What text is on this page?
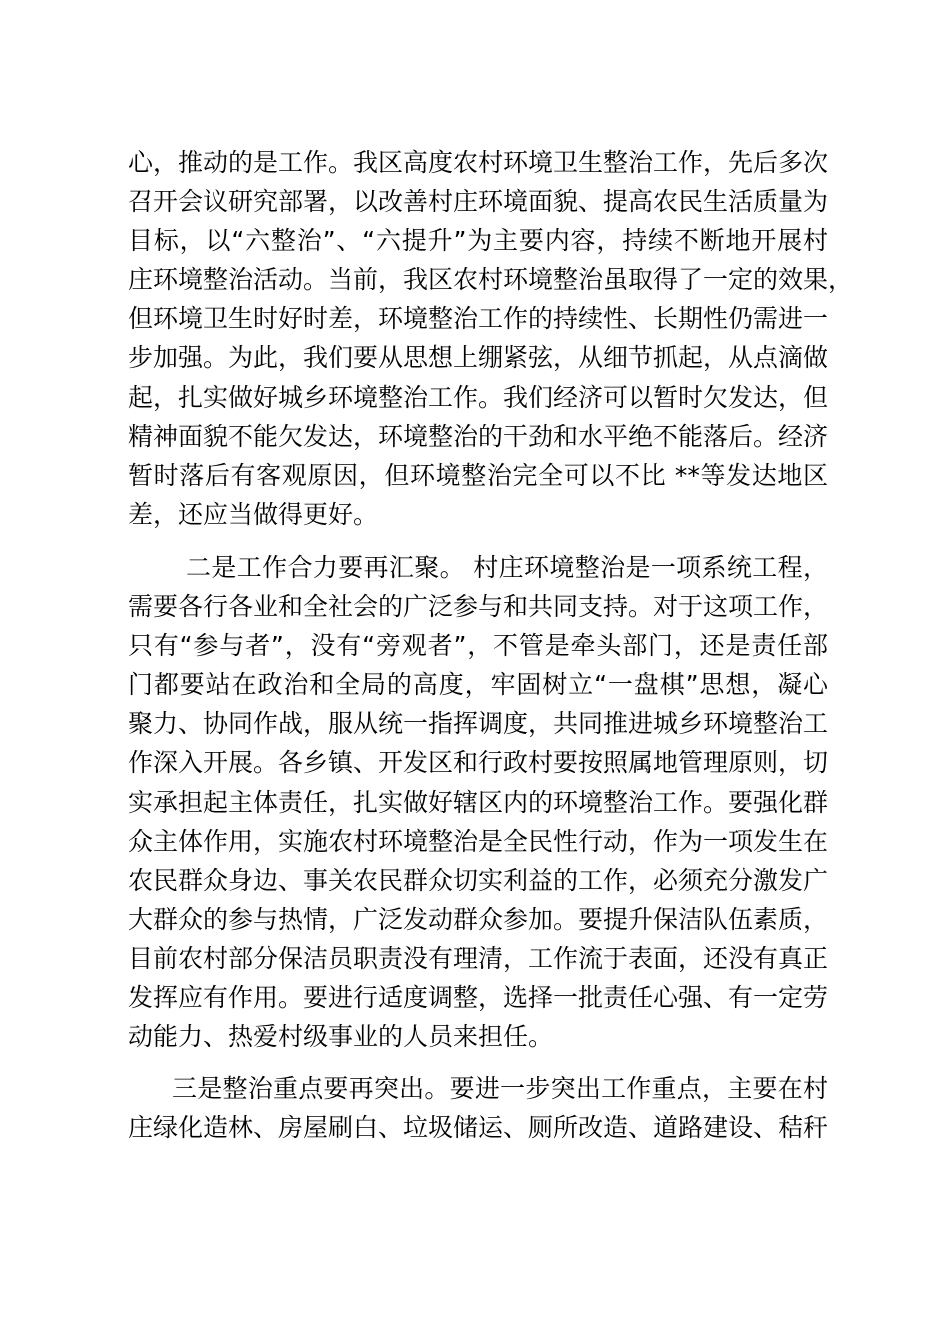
心，推动的是工作。我区高度农村环境卫生整治工作，先后多次
召开会议研究部署，以改善村庄环境面貌、提高农民生活质量为
目标，以“六整治”、“六提升”为主要内容，持续不断地开展村
庄环境整治活动。当前，我区农村环境整治虽取得了一定的效果，
但环境卫生时好时差，环境整治工作的持续性、长期性仍需进一
步加强。为此，我们要从思想上绷紧弦，从细节抓起，从点滴做
起，扎实做好城乡环境整治工作。我们经济可以暂时欠发达，但
精神面貌不能欠发达，环境整治的干劲和水平绝不能落后。经济
暂时落后有客观原因，但环境整治完全可以不比 **等发达地区
差，还应当做得更好。
二是工作合力要再汇聚。 村庄环境整治是一项系统工程，
需要各行各业和全社会的广泛参与和共同支持。对于这项工作，
只有“参与者”，没有“旁观者”，不管是牵头部门，还是责任部
门都要站在政治和全局的高度，牢固树立“一盘棋”思想，凝心
聚力、协同作战，服从统一指挥调度，共同推进城乡环境整治工
作深入开展。各乡镇、开发区和行政村要按照属地管理原则，切
实承担起主体责任，扎实做好辖区内的环境整治工作。要强化群
众主体作用，实施农村环境整治是全民性行动，作为一项发生在
农民群众身边、事关农民群众切实利益的工作，必须充分激发广
大群众的参与热情，广泛发动群众参加。要提升保洁队伍素质，
目前农村部分保洁员职责没有理清，工作流于表面，还没有真正
发挥应有作用。要进行适度调整，选择一批责任心强、有一定劳
动能力、热爱村级事业的人员来担任。
三是整治重点要再突出。要进一步突出工作重点，主要在村
庄绿化造林、房屋刷白、垃圾储运、厕所改造、道路建设、秸秆
